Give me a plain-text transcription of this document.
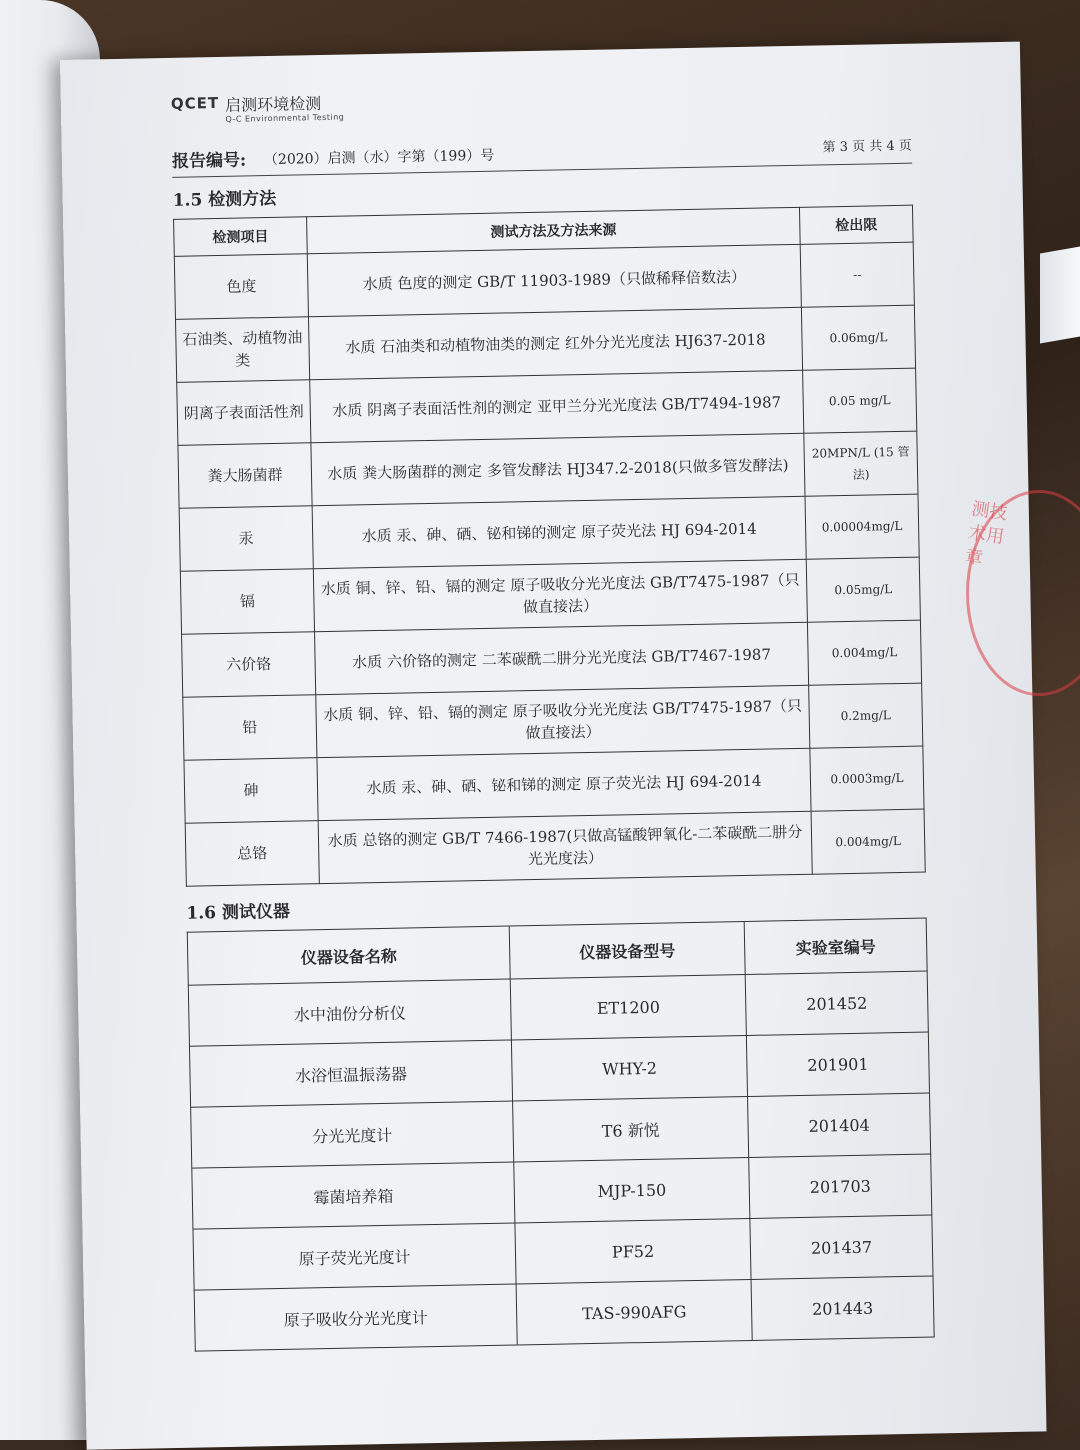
QCET 启测环境检测
Q-C Environmental Testing
报告编号: （2020）启测（水）字第（199）号
第 3 页 共 4 页
1.5 检测方法
检测项目	测试方法及方法来源	检出限
色度	水质 色度的测定 GB/T 11903-1989（只做稀释倍数法）	--
石油类、动植物油类	水质 石油类和动植物油类的测定 红外分光光度法 HJ637-2018	0.06mg/L
阴离子表面活性剂	水质 阴离子表面活性剂的测定 亚甲兰分光光度法 GB/T7494-1987	0.05 mg/L
粪大肠菌群	水质 粪大肠菌群的测定 多管发酵法 HJ347.2-2018(只做多管发酵法)	20MPN/L (15 管法)
汞	水质 汞、砷、硒、铋和锑的测定 原子荧光法 HJ 694-2014	0.00004mg/L
镉	水质 铜、锌、铅、镉的测定 原子吸收分光光度法 GB/T7475-1987（只做直接法）	0.05mg/L
六价铬	水质 六价铬的测定 二苯碳酰二肼分光光度法 GB/T7467-1987	0.004mg/L
铅	水质 铜、锌、铅、镉的测定 原子吸收分光光度法 GB/T7475-1987（只做直接法）	0.2mg/L
砷	水质 汞、砷、硒、铋和锑的测定 原子荧光法 HJ 694-2014	0.0003mg/L
总铬	水质 总铬的测定 GB/T 7466-1987(只做高锰酸钾氧化-二苯碳酰二肼分光光度法）	0.004mg/L
1.6 测试仪器
仪器设备名称	仪器设备型号	实验室编号
水中油份分析仪	ET1200	201452
水浴恒温振荡器	WHY-2	201901
分光光度计	T6 新悦	201404
霉菌培养箱	MJP-150	201703
原子荧光光度计	PF52	201437
原子吸收分光光度计	TAS-990AFG	201443
测技术用章
